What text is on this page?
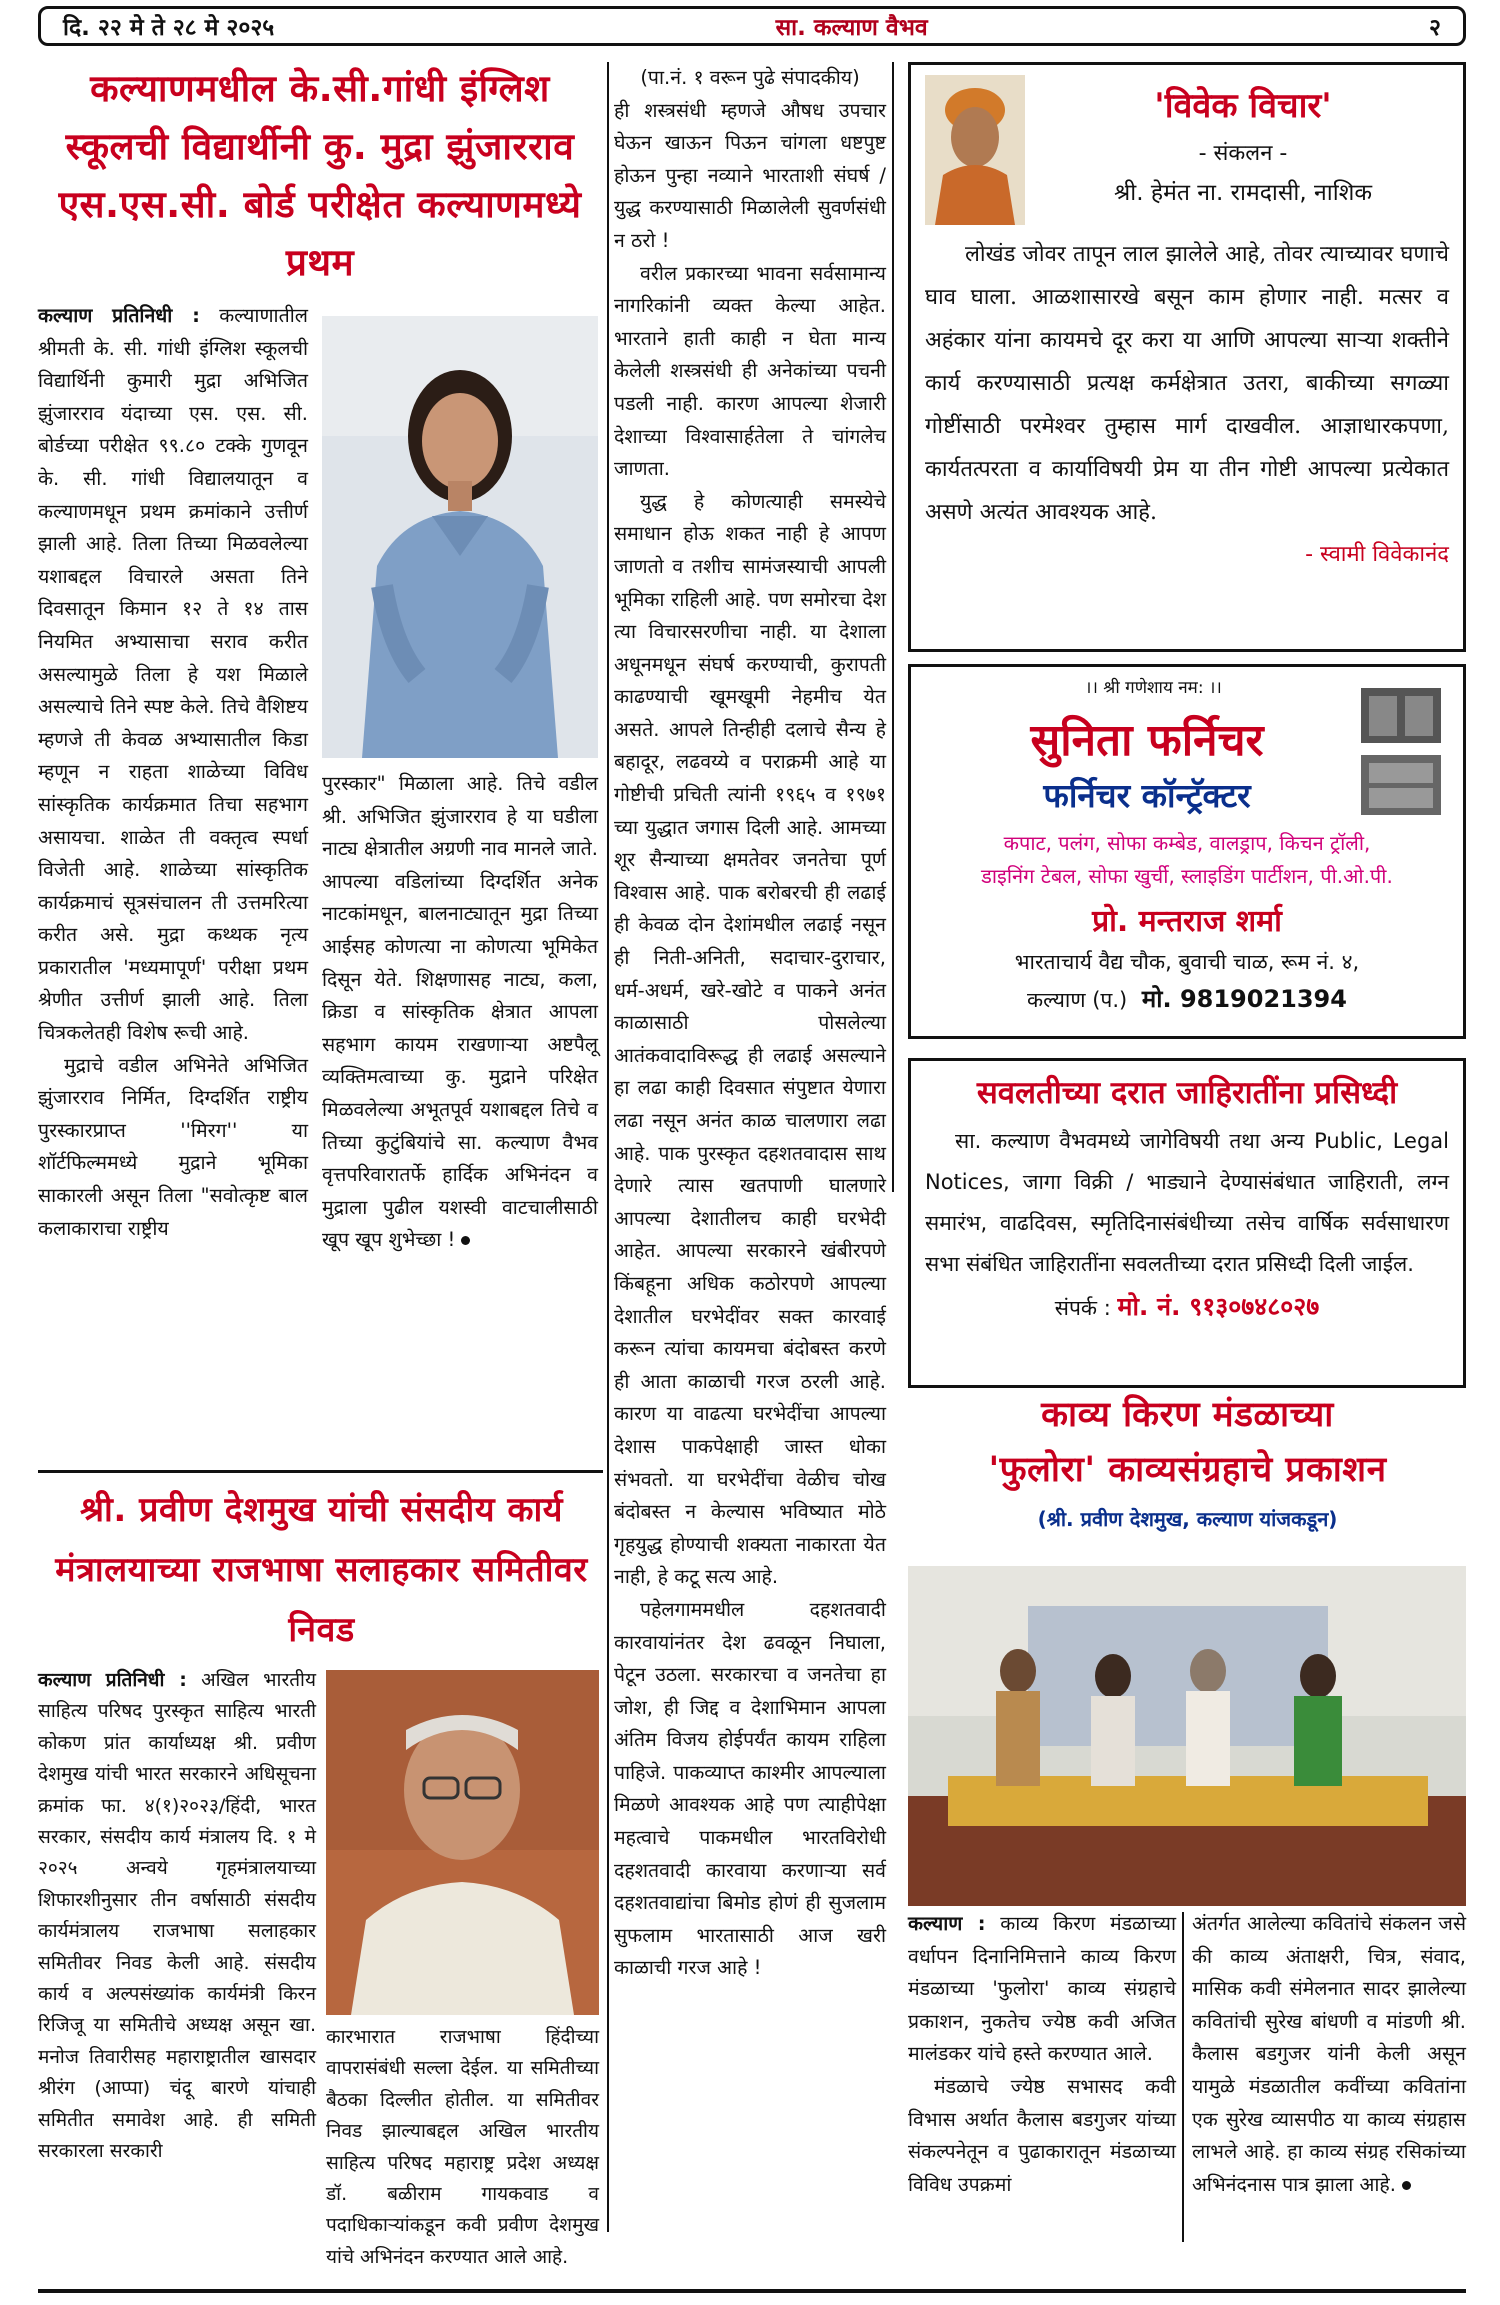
दि. २२ मे ते २८ मे २०२५	सा. कल्याण वैभव	२
कल्याणमधील के.सी.गांधी इंग्लिश स्कूलची विद्यार्थीनी कु. मुद्रा झुंजारराव एस.एस.सी. बोर्ड परीक्षेत कल्याणमध्ये प्रथम

कल्याण प्रतिनिधी : कल्याणातील श्रीमती के. सी. गांधी इंग्लिश स्कूलची विद्यार्थिनी कुमारी मुद्रा अभिजित झुंजारराव यंदाच्या एस. एस. सी. बोर्डच्या परीक्षेत ९९.८० टक्के गुणवून के. सी. गांधी विद्यालयातून व कल्याणमधून प्रथम क्रमांकाने उत्तीर्ण झाली आहे. तिला तिच्या मिळवलेल्या यशाबद्दल विचारले असता तिने दिवसातून किमान १२ ते १४ तास नियमित अभ्यासाचा सराव करीत असल्यामुळे तिला हे यश मिळाले असल्याचे तिने स्पष्ट केले. तिचे वैशिष्टय म्हणजे ती केवळ अभ्यासातील किडा म्हणून न राहता शाळेच्या विविध सांस्कृतिक कार्यक्रमात तिचा सहभाग असायचा. शाळेत ती वक्तृत्व स्पर्धा विजेती आहे. शाळेच्या सांस्कृतिक कार्यक्रमाचं सूत्रसंचालन ती उत्तमरित्या करीत असे. मुद्रा कथ्थक नृत्य प्रकारातील 'मध्यमापूर्ण' परीक्षा प्रथम श्रेणीत उत्तीर्ण झाली आहे. तिला चित्रकलेतही विशेष रूची आहे.

मुद्राचे वडील अभिनेते अभिजित झुंजारराव निर्मित, दिग्दर्शित राष्ट्रीय पुरस्कारप्राप्त ''मिरग'' या शॉर्टफिल्ममध्ये मुद्राने भूमिका साकारली असून तिला "सवोत्कृष्ट बाल कलाकाराचा राष्ट्रीय

पुरस्कार" मिळाला आहे. तिचे वडील श्री. अभिजित झुंजारराव हे या घडीला नाट्य क्षेत्रातील अग्रणी नाव मानले जाते. आपल्या वडिलांच्या दिग्दर्शित अनेक नाटकांमधून, बालनाट्यातून मुद्रा तिच्या आईसह कोणत्या ना कोणत्या भूमिकेत दिसून येते. शिक्षणासह नाट्य, कला, क्रिडा व सांस्कृतिक क्षेत्रात आपला सहभाग कायम राखणाऱ्या अष्टपैलू व्यक्तिमत्वाच्या कु. मुद्राने परिक्षेत मिळवलेल्या अभूतपूर्व यशाबद्दल तिचे व तिच्या कुटुंबियांचे सा. कल्याण वैभव वृत्तपरिवारातर्फे हार्दिक अभिनंदन व मुद्राला पुढील यशस्वी वाटचालीसाठी खूप खूप शुभेच्छा !

(पा.नं. १ वरून पुढे संपादकीय)

ही शस्त्रसंधी म्हणजे औषध उपचार घेऊन खाऊन पिऊन चांगला धष्टपुष्ट होऊन पुन्हा नव्याने भारताशी संघर्ष / युद्ध करण्यासाठी मिळालेली सुवर्णसंधी न ठरो !

वरील प्रकारच्या भावना सर्वसामान्य नागरिकांनी व्यक्त केल्या आहेत. भारताने हाती काही न घेता मान्य केलेली शस्त्रसंधी ही अनेकांच्या पचनी पडली नाही. कारण आपल्या शेजारी देशाच्या विश्वासार्हतेला ते चांगलेच जाणता.

युद्ध हे कोणत्याही समस्येचे समाधान होऊ शकत नाही हे आपण जाणतो व तशीच सामंजस्याची आपली भूमिका राहिली आहे. पण समोरचा देश त्या विचारसरणीचा नाही. या देशाला अधूनमधून संघर्ष करण्याची, कुरापती काढण्याची खूमखूमी नेहमीच येत असते. आपले तिन्हीही दलाचे सैन्य हे बहादूर, लढवय्ये व पराक्रमी आहे या गोष्टीची प्रचिती त्यांनी १९६५ व १९७१ च्या युद्धात जगास दिली आहे. आमच्या शूर सैन्याच्या क्षमतेवर जनतेचा पूर्ण विश्वास आहे. पाक बरोबरची ही लढाई ही केवळ दोन देशांमधील लढाई नसून ही निती-अनिती, सदाचार-दुराचार, धर्म-अधर्म, खरे-खोटे व पाकने अनंत काळासाठी पोसलेल्या आतंकवादाविरूद्ध ही लढाई असल्याने हा लढा काही दिवसात संपुष्टात येणारा लढा नसून अनंत काळ चालणारा लढा आहे. पाक पुरस्कृत दहशतवादास साथ देणारे त्यास खतपाणी घालणारे आपल्या देशातीलच काही घरभेदी आहेत. आपल्या सरकारने खंबीरपणे किंबहूना अधिक कठोरपणे आपल्या देशातील घरभेदींवर सक्त कारवाई करून त्यांचा कायमचा बंदोबस्त करणे ही आता काळाची गरज ठरली आहे. कारण या वाढत्या घरभेदींचा आपल्या देशास पाकपेक्षाही जास्त धोका संभवतो. या घरभेदींचा वेळीच चोख बंदोबस्त न केल्यास भविष्यात मोठे गृहयुद्ध होण्याची शक्यता नाकारता येत नाही, हे कटू सत्य आहे.

पहेलगाममधील दहशतवादी कारवायांनंतर देश ढवळून निघाला, पेटून उठला. सरकारचा व जनतेचा हा जोश, ही जिद्द व देशाभिमान आपला अंतिम विजय होईपर्यंत कायम राहिला पाहिजे. पाकव्याप्त काश्मीर आपल्याला मिळणे आवश्यक आहे पण त्याहीपेक्षा महत्वाचे पाकमधील भारतविरोधी दहशतवादी कारवाया करणाऱ्या सर्व दहशतवाद्यांचा बिमोड होणं ही सुजलाम सुफलाम भारतासाठी आज खरी काळाची गरज आहे !

'विवेक विचार'
- संकलन -
श्री. हेमंत ना. रामदासी, नाशिक
लोखंड जोवर तापून लाल झालेले आहे, तोवर त्याच्यावर घणाचे घाव घाला. आळशासारखे बसून काम होणार नाही. मत्सर व अहंकार यांना कायमचे दूर करा या आणि आपल्या साऱ्या शक्तीने कार्य करण्यासाठी प्रत्यक्ष कर्मक्षेत्रात उतरा, बाकीच्या सगळ्या गोष्टींसाठी परमेश्वर तुम्हास मार्ग दाखवील. आज्ञाधारकपणा, कार्यतत्परता व कार्याविषयी प्रेम या तीन गोष्टी आपल्या प्रत्येकात असणे अत्यंत आवश्यक आहे.
- स्वामी विवेकानंद
।। श्री गणेशाय नम: ।।
सुनिता फर्निचर
फर्निचर कॉन्ट्रॅक्टर
कपाट, पलंग, सोफा कम्बेड, वालड्राप, किचन ट्रॉली,
डाइनिंग टेबल, सोफा खुर्ची, स्लाइडिंग पार्टीशन, पी.ओ.पी.
प्रो. मन्तराज शर्मा
भारताचार्य वैद्य चौक, बुवाची चाळ, रूम नं. ४,
कल्याण (प.) मो. 9819021394
सवलतीच्या दरात जाहिरातींना प्रसिध्दी
सा. कल्याण वैभवमध्ये जागेविषयी तथा अन्य Public, Legal Notices, जागा विक्री / भाड्याने देण्यासंबंधात जाहिराती, लग्न समारंभ, वाढदिवस, स्मृतिदिनासंबंधीच्या तसेच वार्षिक सर्वसाधारण सभा संबंधित जाहिरातींना सवलतीच्या दरात प्रसिध्दी दिली जाईल.
संपर्क : मो. नं. ९१३०७४८०२७
काव्य किरण मंडळाच्या
'फुलोरा' काव्यसंग्रहाचे प्रकाशन
(श्री. प्रवीण देशमुख, कल्याण यांजकडून)

कल्याण : काव्य किरण मंडळाच्या वर्धापन दिनानिमित्ताने काव्य किरण मंडळाच्या 'फुलोरा' काव्य संग्रहाचे प्रकाशन, नुकतेच ज्येष्ठ कवी अजित मालंडकर यांचे हस्ते करण्यात आले.

मंडळाचे ज्येष्ठ सभासद कवी विभास अर्थात कैलास बडगुजर यांच्या संकल्पनेतून व पुढाकारातून मंडळाच्या विविध उपक्रमां

अंतर्गत आलेल्या कवितांचे संकलन जसे की काव्य अंताक्षरी, चित्र, संवाद, मासिक कवी संमेलनात सादर झालेल्या कवितांची सुरेख बांधणी व मांडणी श्री. कैलास बडगुजर यांनी केली असून यामुळे मंडळातील कवींच्या कवितांना एक सुरेख व्यासपीठ या काव्य संग्रहास लाभले आहे. हा काव्य संग्रह रसिकांच्या अभिनंदनास पात्र झाला आहे.

श्री. प्रवीण देशमुख यांची संसदीय कार्य मंत्रालयाच्या राजभाषा सलाहकार समितीवर निवड

कल्याण प्रतिनिधी : अखिल भारतीय साहित्य परिषद पुरस्कृत साहित्य भारती कोकण प्रांत कार्याध्यक्ष श्री. प्रवीण देशमुख यांची भारत सरकारने अधिसूचना क्रमांक फा. ४(१)२०२३/हिंदी, भारत सरकार, संसदीय कार्य मंत्रालय दि. १ मे २०२५ अन्वये गृहमंत्रालयाच्या शिफारशीनुसार तीन वर्षासाठी संसदीय कार्यमंत्रालय राजभाषा सलाहकार समितीवर निवड केली आहे. संसदीय कार्य व अल्पसंख्यांक कार्यमंत्री किरन रिजिजू या समितीचे अध्यक्ष असून खा. मनोज तिवारीसह महाराष्ट्रातील खासदार श्रीरंग (आप्पा) चंदू बारणे यांचाही समितीत समावेश आहे. ही समिती सरकारला सरकारी

कारभारात राजभाषा हिंदीच्या वापरासंबंधी सल्ला देईल. या समितीच्या बैठका दिल्लीत होतील. या समितीवर निवड झाल्याबद्दल अखिल भारतीय साहित्य परिषद महाराष्ट्र प्रदेश अध्यक्ष डॉ. बळीराम गायकवाड व पदाधिकाऱ्यांकडून कवी प्रवीण देशमुख यांचे अभिनंदन करण्यात आले आहे.
